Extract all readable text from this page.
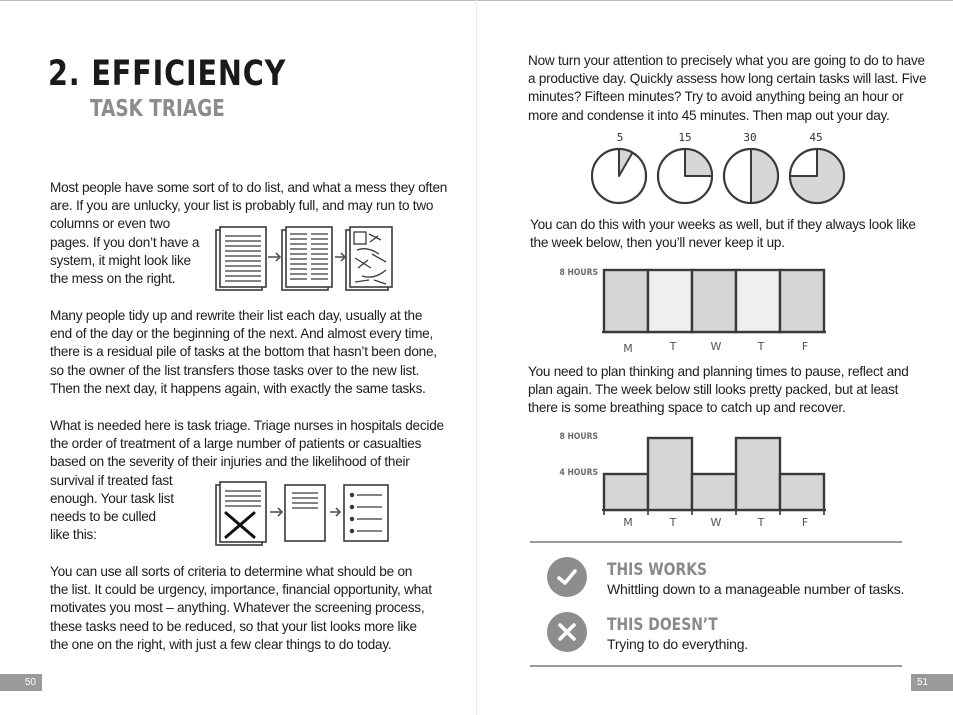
2. EFFICIENCY
TASK TRIAGE

Most people have some sort of to do list, and what a mess they often
are. If you are unlucky, your list is probably full, and may run to two
columns or even two
pages. If you don’t have a
system, it might look like
the mess on the right.

Many people tidy up and rewrite their list each day, usually at the
end of the day or the beginning of the next. And almost every time,
there is a residual pile of tasks at the bottom that hasn’t been done,
so the owner of the list transfers those tasks over to the new list.
Then the next day, it happens again, with exactly the same tasks.

What is needed here is task triage. Triage nurses in hospitals decide
the order of treatment of a large number of patients or casualties
based on the severity of their injuries and the likelihood of their
survival if treated fast
enough. Your task list
needs to be culled
like this:

You can use all sorts of criteria to determine what should be on
the list. It could be urgency, importance, financial opportunity, what
motivates you most – anything. Whatever the screening process,
these tasks need to be reduced, so that your list looks more like
the one on the right, with just a few clear things to do today.

50

Now turn your attention to precisely what you are going to do to have
a productive day. Quickly assess how long certain tasks will last. Five
minutes? Fifteen minutes? Try to avoid anything being an hour or
more and condense it into 45 minutes. Then map out your day.

5	15	30	45

You can do this with your weeks as well, but if they always look like
the week below, then you’ll never keep it up.

8 HOURS
M	T	W	T	F

You need to plan thinking and planning times to pause, reflect and
plan again. The week below still looks pretty packed, but at least
there is some breathing space to catch up and recover.

8 HOURS
4 HOURS
M	T	W	T	F
THIS WORKS

Whittling down to a manageable number of tasks.

THIS DOESN’T

Trying to do everything.

51
